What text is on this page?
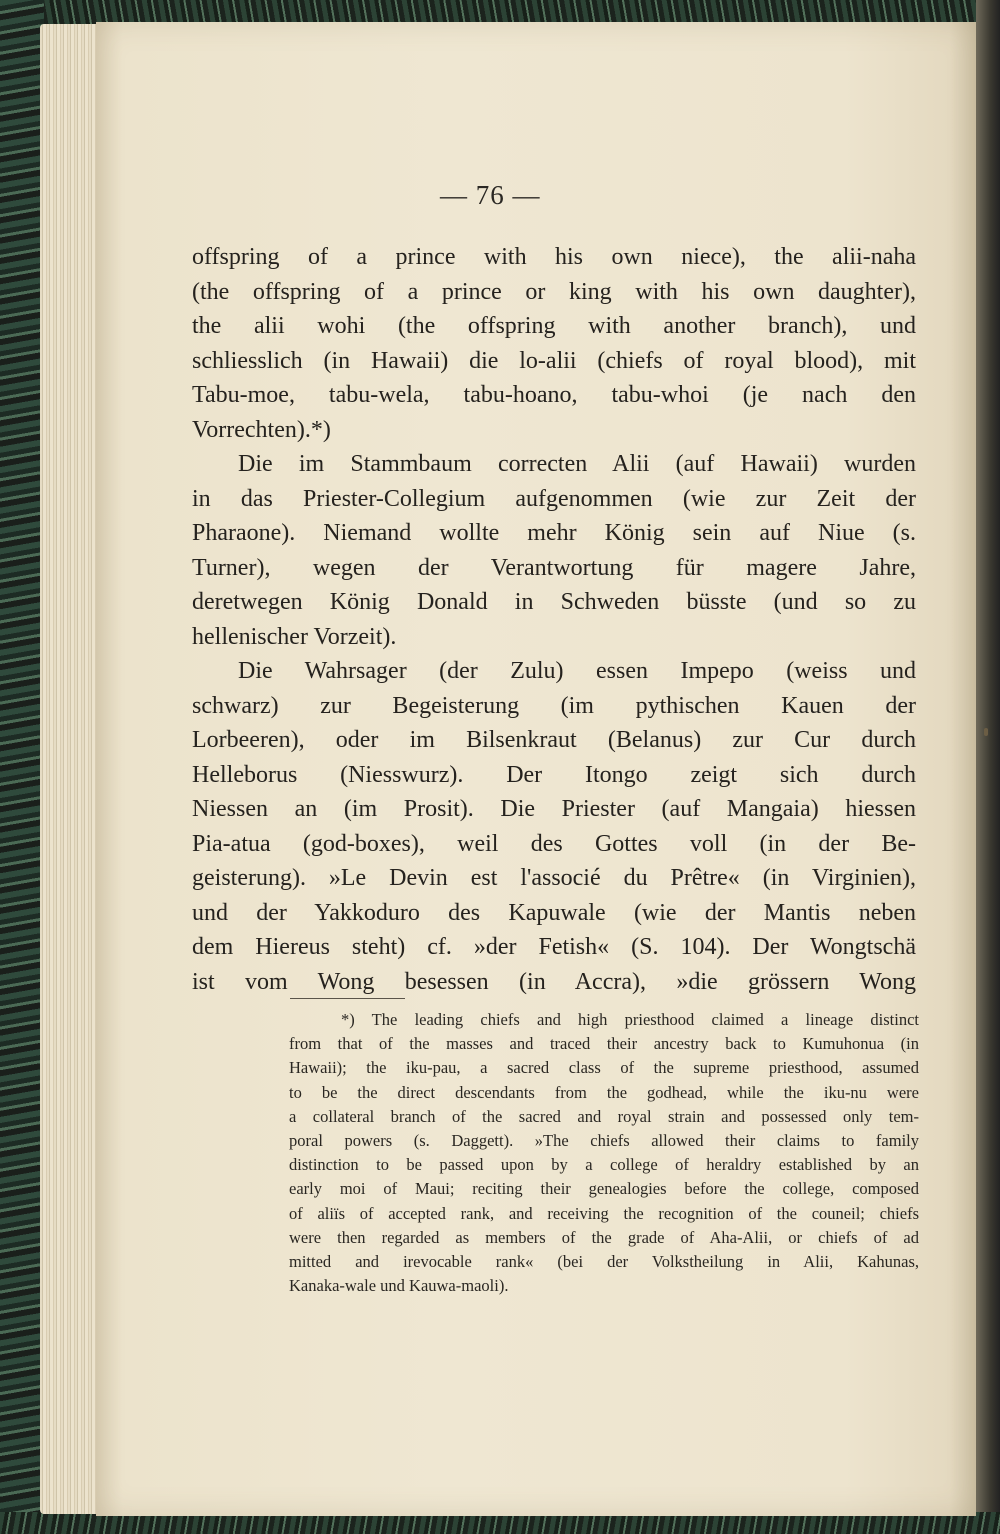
— 76 —
offspring of a prince with his own niece), the alii-naha
(the offspring of a prince or king with his own daughter),
the alii wohi (the offspring with another branch), und
schliesslich (in Hawaii) die lo-alii (chiefs of royal blood), mit
Tabu-moe, tabu-wela, tabu-hoano, tabu-whoi (je nach den
Vorrechten).*)
Die im Stammbaum correcten Alii (auf Hawaii) wurden
in das Priester-Collegium aufgenommen (wie zur Zeit der
Pharaone). Niemand wollte mehr König sein auf Niue (s.
Turner), wegen der Verantwortung für magere Jahre,
deretwegen König Donald in Schweden büsste (und so zu
hellenischer Vorzeit).
Die Wahrsager (der Zulu) essen Impepo (weiss und
schwarz) zur Begeisterung (im pythischen Kauen der
Lorbeeren), oder im Bilsenkraut (Belanus) zur Cur durch
Helleborus (Niesswurz). Der Itongo zeigt sich durch
Niessen an (im Prosit). Die Priester (auf Mangaia) hiessen
Pia-atua (god-boxes), weil des Gottes voll (in der Be-
geisterung). »Le Devin est l'associé du Prêtre« (in Virginien),
und der Yakkoduro des Kapuwale (wie der Mantis neben
dem Hiereus steht) cf. »der Fetish« (S. 104). Der Wongtschä
ist vom Wong besessen (in Accra), »die grössern Wong
*) The leading chiefs and high priesthood claimed a lineage distinct
from that of the masses and traced their ancestry back to Kumuhonua (in
Hawaii); the iku-pau, a sacred class of the supreme priesthood, assumed
to be the direct descendants from the godhead, while the iku-nu were
a collateral branch of the sacred and royal strain and possessed only tem-
poral powers (s. Daggett). »The chiefs allowed their claims to family
distinction to be passed upon by a college of heraldry established by an
early moi of Maui; reciting their genealogies before the college, composed
of aliïs of accepted rank, and receiving the recognition of the couneil; chiefs
were then regarded as members of the grade of Aha-Alii, or chiefs of ad
mitted and irevocable rank« (bei der Volkstheilung in Alii, Kahunas,
Kanaka-wale und Kauwa-maoli).
